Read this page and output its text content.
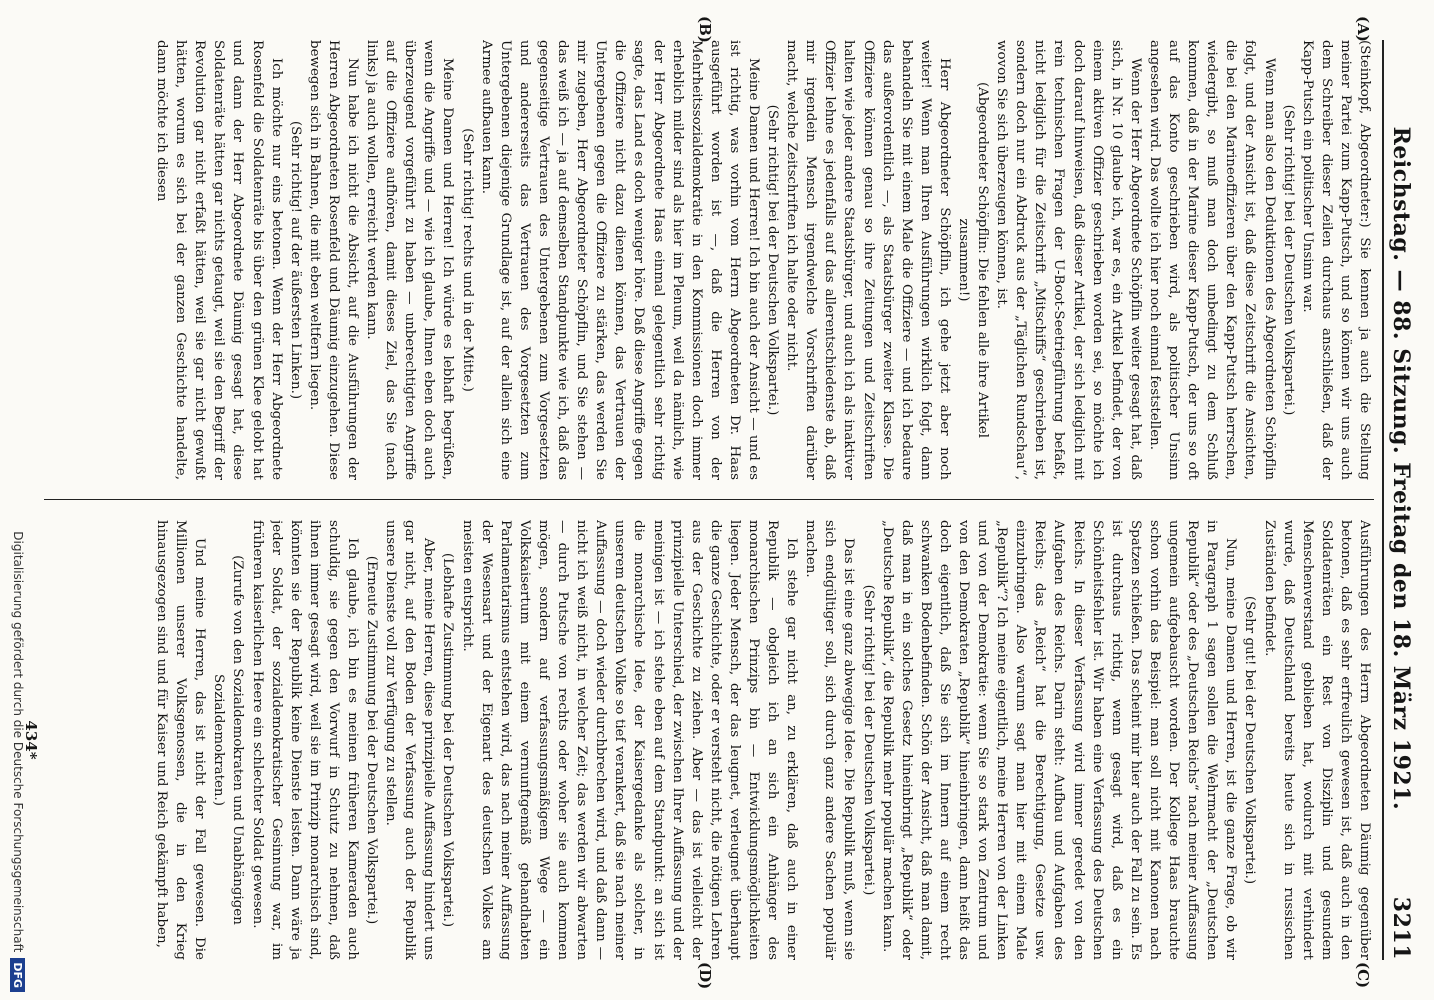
Reichstag. — 88. Sitzung. Freitag den 18. März 1921.
3211
(A)
(B)
(C)
(D)

(Steinkopf, Abgeordneter:) Sie kennen ja auch die Stellung meiner Partei zum Kapp-Putsch, und so können wir uns auch dem Schreiber dieser Zeilen durchaus anschließen, daß der Kapp-Putsch ein politischer Unsinn war.

(Sehr richtig! bei der Deutschen Volkspartei.)

Wenn man also den Deduktionen des Abgeordneten Schöpflin folgt, und der Ansicht ist, daß diese Zeitschrift die Ansichten, die bei den Marineoffizieren über den Kapp-Putsch herrschen, wiedergibt, so muß man doch unbedingt zu dem Schluß kommen, daß in der Marine dieser Kapp-Putsch, der uns so oft auf das Konto geschrieben wird, als politischer Unsinn angesehen wird. Das wollte ich hier noch einmal feststellen.

Wenn der Herr Abgeordnete Schöpflin weiter gesagt hat, daß sich, in Nr. 10 glaube ich, war es, ein Artikel befindet, der von einem aktiven Offizier geschrieben worden sei, so möchte ich doch darauf hinweisen, daß dieser Artikel, der sich lediglich mit rein technischen Fragen der U-Boot-Seetriegführung befaßt, nicht lediglich für die Zeitschrift „Mitschiffs“ geschrieben ist, sondern doch nur ein Abdruck aus der „Täglichen Rundschau“, wovon Sie sich überzeugen können, ist.

(Abgeordneter Schöpflin: Die fehlen alle ihre Artikel zusammen!)

Herr Abgeordneter Schöpflin, ich gehe jetzt aber noch weiter! Wenn man Ihren Ausführungen wirklich folgt, dann behandeln Sie mit einem Male die Offiziere — und ich bedaure das außerordentlich —, als Staatsbürger zweiter Klasse. Die Offiziere können genau so ihre Zeitungen und Zeitschriften halten wie jeder andere Staatsbürger, und auch ich als inaktiver Offizier lehne es jedenfalls auf das allerentschiedenste ab, daß mir irgendein Mensch irgendwelche Vorschriften darüber macht, welche Zeitschriften ich halte oder nicht.

(Sehr richtig! bei der Deutschen Volkspartei.)

Meine Damen und Herren! Ich bin auch der Ansicht — und es ist richtig, was vorhin vom Herrn Abgeordneten Dr. Haas ausgeführt worden ist —, daß die Herren von der Mehrheitssozialdemokratie in den Kommissionen doch immer erheblich milder sind als hier im Plenum, weil da nämlich, wie der Herr Abgeordnete Haas einmal gelegentlich sehr richtig sagte, das Land es doch weniger höre. Daß diese Angriffe gegen die Offiziere nicht dazu dienen können, das Vertrauen der Untergebenen gegen die Offiziere zu stärken, das werden Sie mir zugeben, Herr Abgeordneter Schöpflin, und Sie stehen — das weiß ich — ja auf demselben Standpunkte wie ich, daß das gegenseitige Vertrauen des Untergebenen zum Vorgesetzten und andererseits das Vertrauen des Vorgesetzten zum Untergebenen diejenige Grundlage ist, auf der allein sich eine Armee aufbauen kann.

(Sehr richtig! rechts und in der Mitte.)

Meine Damen und Herren! Ich würde es lebhaft begrüßen, wenn die Angriffe und — wie ich glaube, Ihnen eben doch auch überzeugend vorgeführt zu haben — unberechtigten Angriffe auf die Offiziere aufhören, damit dieses Ziel, das Sie (nach links) ja auch wollen, erreicht werden kann.

Nun habe ich nicht die Absicht, auf die Ausführungen der Herren Abgeordneten Rosenfeld und Däumig einzugehen. Diese bewegen sich in Bahnen, die mit eben weltfern liegen.

(Sehr richtig! auf der äußersten Linken.)

Ich möchte nur eins betonen. Wenn der Herr Abgeordnete Rosenfeld die Soldatenräte bis über den grünen Klee gelobt hat und dann der Herr Abgeordnete Däumig gesagt hat, diese Soldatenräte hätten gar nichts getaugt, weil sie den Begriff der Revolution gar nicht erfaßt hätten, weil sie gar nicht gewußt hätten, worum es sich bei der ganzen Geschichte handelte, dann möchte ich diesen

Ausführungen des Herrn Abgeordneten Däumig gegenüber betonen, daß es sehr erfreulich gewesen ist, daß auch in den Soldatenräten ein Rest von Disziplin und gesundem Menschenverstand geblieben hat, wodurch mit verhindert wurde, daß Deutschland bereits heute sich in russischen Zuständen befindet.

(Sehr gut! bei der Deutschen Volkspartei.)

Nun, meine Damen und Herren, ist die ganze Frage, ob wir in Paragraph 1 sagen sollen die Wehrmacht der „Deutschen Republik“ oder des „Deutschen Reichs“ nach meiner Auffassung ungemein aufgebauscht worden. Der Kollege Haas brauchte schon vorhin das Beispiel: man soll nicht mit Kanonen nach Spatzen schießen. Das scheint mir hier auch der Fall zu sein. Es ist durchaus richtig, wenn gesagt wird, daß es ein Schönheitsfehler ist. Wir haben eine Verfassung des Deutschen Reichs. In dieser Verfassung wird immer geredet von den Aufgaben des Reichs. Darin steht: Aufbau und Aufgaben des Reichs; das „Reich“ hat die Berechtigung, Gesetze usw. einzubringen. Also warum sagt man hier mit einem Male „Republik“? Ich meine eigentlich, meine Herren von der Linken und von der Demokratie: wenn Sie so stark von Zentrum und von den Demokraten „Republik“ hineinbringen, dann heißt das doch eigentlich, daß Sie sich im Innern auf einem recht schwanken Bodenbefinden. Schön der Ansicht, daß man damit, daß man in ein solches Gesetz hineinbringt „Republik“ oder „Deutsche Republik“, die Republik mehr populär machen kann.

(Sehr richtig! bei der Deutschen Volkspartei.)

Das ist eine ganz abwegige Idee. Die Republik muß, wenn sie sich endgültiger soll, sich durch ganz andere Sachen populär machen.

Ich stehe gar nicht an, zu erklären, daß auch in einer Republik — obgleich ich an sich ein Anhänger des monarchischen Prinzips bin — Entwicklungsmöglichkeiten liegen. Jeder Mensch, der das leugnet, verleugnet überhaupt die ganze Geschichte, oder er versteht nicht, die nötigen Lehren aus der Geschichte zu ziehen. Aber — das ist vielleicht der prinzipielle Unterschied, der zwischen Ihrer Auffassung und der meinigen ist — ich stehe eben auf dem Standpunkt: an sich ist die monarchische Idee, der Kaisergedanke als solcher, in unserem deutschen Volke so tief verankert, daß sie nach meiner Auffassung — doch wieder durchbrechen wird, und daß dann — nicht ich weiß nicht, in welcher Zeit; das werden wir abwarten — durch Putsche von rechts oder woher sie auch kommen mögen, sondern auf verfassungsmäßigem Wege — ein Volkskaisertum mit einem vernunftgemäß gehandhabten Parlamentarismus entstehen wird, das nach meiner Auffassung der Wesensart und der Eigenart des deutschen Volkes am meisten entspricht.

(Lebhafte Zustimmung bei der Deutschen Volkspartei.)

Aber, meine Herren, diese prinzipielle Auffassung hindert uns gar nicht, auf den Boden der Verfassung auch der Republik unsere Dienste voll zur Verfügung zu stellen.

(Erneute Zustimmung bei der Deutschen Volkspartei.)

Ich glaube, ich bin es meinen früheren Kameraden auch schuldig, sie gegen den Vorwurf in Schutz zu nehmen, daß ihnen immer gesagt wird, weil sie im Prinzip monarchisch sind, könnten sie der Republik keine Dienste leisten. Dann wäre ja jeder Soldat, der sozialdemokratischer Gesinnung war, im früheren kaiserlichen Heere ein schlechter Soldat gewesen.

(Zurufe von den Sozialdemokraten und Unabhängigen Sozialdemokraten.)

Und meine Herren, das ist nicht der Fall gewesen. Die Millionen unserer Volksgenossen, die in den Krieg hinausgezogen sind und für Kaiser und Reich gekämpft haben,

434*
Digitalisierung gefördert durch die Deutsche Forschungsgemeinschaft
DFG
